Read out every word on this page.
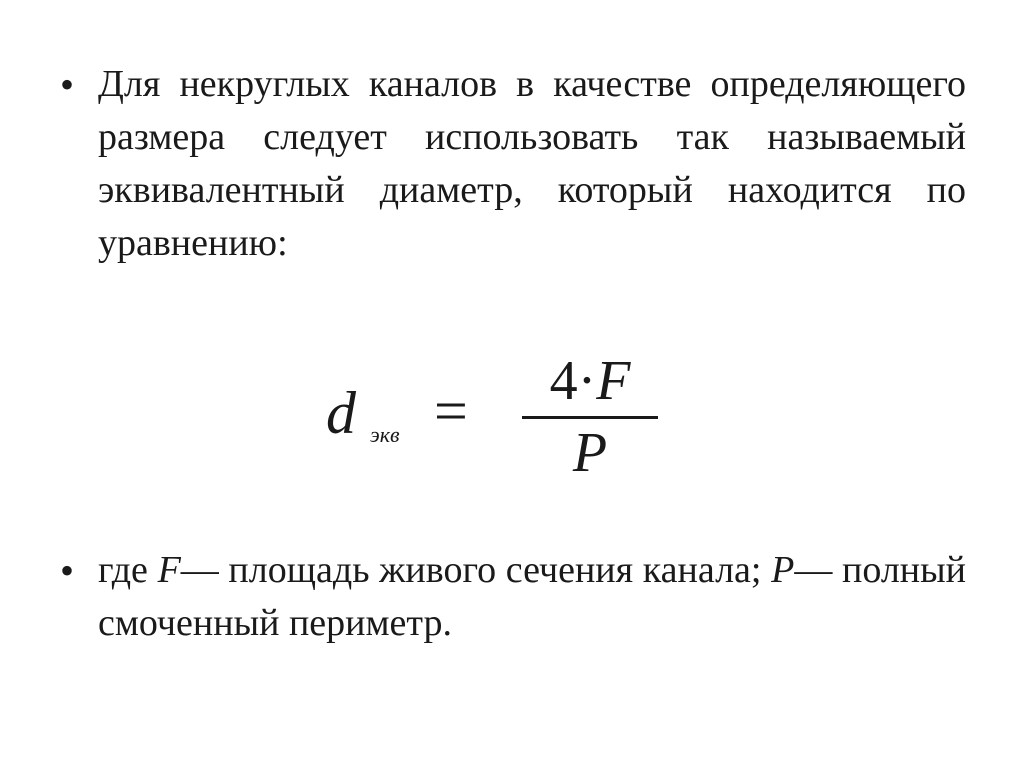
• Для некруглых каналов в качестве определяющего размера следует использовать так называемый эквивалентный диаметр, который находится по уравнению:
d экв =	4·F
P
• где F— площадь живого сечения канала; P— полный смоченный периметр.
